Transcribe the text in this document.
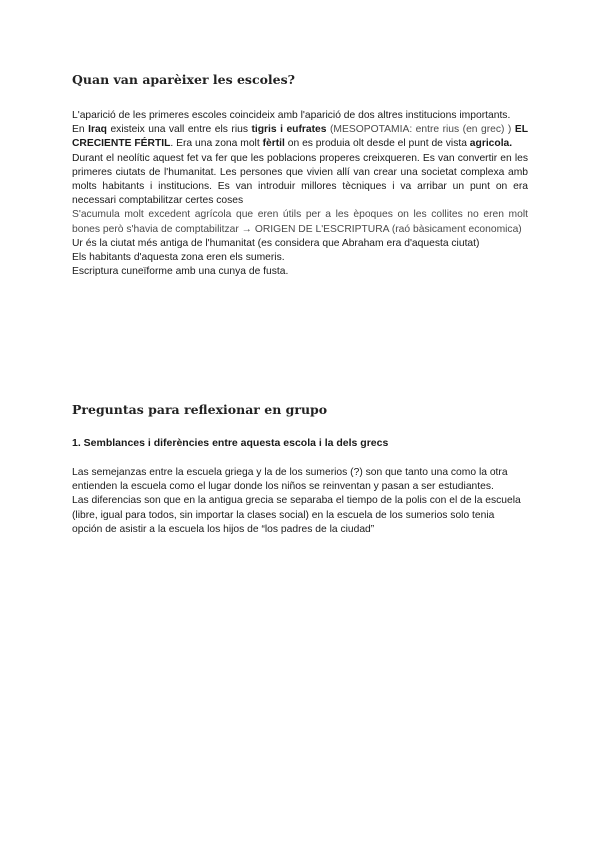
Quan van aparèixer les escoles?

L'aparició de les primeres escoles coincideix amb l'aparició de dos altres institucions importants.

En Iraq existeix una vall entre els rius tigris i eufrates (MESOPOTAMIA: entre rius (en grec) ) EL CRECIENTE FÉRTIL. Era una zona molt fèrtil on es produia olt desde el punt de vista agricola.

Durant el neolític aquest fet va fer que les poblacions properes creixqueren. Es van convertir en les primeres ciutats de l'humanitat. Les persones que vivien allí van crear una societat complexa amb molts habitants i institucions. Es van introduir millores tècniques i va arribar un punt on era necessari comptabilitzar certes coses

S'acumula molt excedent agrícola que eren útils per a les èpoques on les collites no eren molt bones però s'havia de comptabilitzar → ORIGEN DE L'ESCRIPTURA (raó bàsicament economica)

Ur és la ciutat més antiga de l'humanitat (es considera que Abraham era d'aquesta ciutat)

Els habitants d'aquesta zona eren els sumeris.

Escriptura cuneïforme amb una cunya de fusta.

Preguntas para reflexionar en grupo
1. Semblances i diferències entre aquesta escola i la dels grecs

Las semejanzas entre la escuela griega y la de los sumerios (?) son que tanto una como la otra entienden la escuela como el lugar donde los niños se reinventan y pasan a ser estudiantes.

Las diferencias son que en la antigua grecia se separaba el tiempo de la polis con el de la escuela (libre, igual para todos, sin importar la clases social) en la escuela de los sumerios solo tenia opción de asistir a la escuela los hijos de “los padres de la ciudad”
